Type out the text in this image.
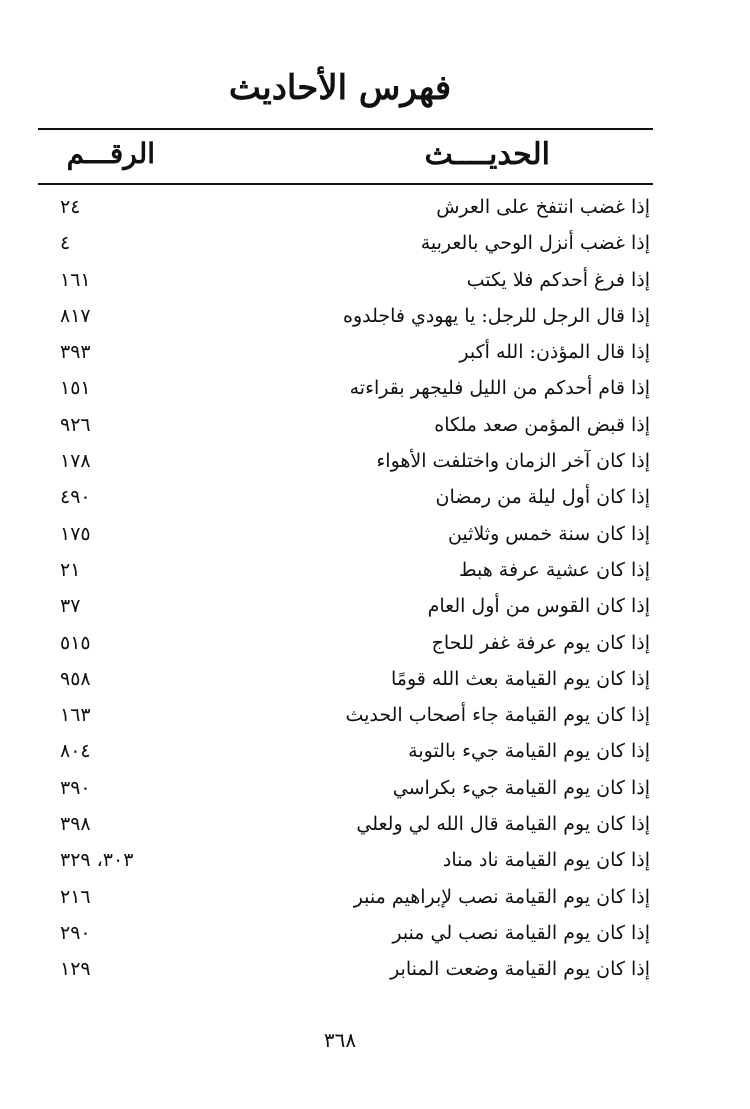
فهرس الأحاديث
الحديــــث
الرقـــم
إذا غضب انتفخ على العرش
٢٤
إذا غضب أنزل الوحي بالعربية
٤
إذا فرغ أحدكم فلا يكتب
١٦١
إذا قال الرجل للرجل: يا يهودي فاجلدوه
٨١٧
إذا قال المؤذن: الله أكبر
٣٩٣
إذا قام أحدكم من الليل فليجهر بقراءته
١٥١
إذا قبض المؤمن صعد ملكاه
٩٢٦
إذا كان آخر الزمان واختلفت الأهواء
١٧٨
إذا كان أول ليلة من رمضان
٤٩٠
إذا كان سنة خمس وثلاثين
١٧٥
إذا كان عشية عرفة هبط
٢١
إذا كان القوس من أول العام
٣٧
إذا كان يوم عرفة غفر للحاج
٥١٥
إذا كان يوم القيامة بعث الله قومًا
٩٥٨
إذا كان يوم القيامة جاء أصحاب الحديث
١٦٣
إذا كان يوم القيامة جيء بالتوبة
٨٠٤
إذا كان يوم القيامة جيء بكراسي
٣٩٠
إذا كان يوم القيامة قال الله لي ولعلي
٣٩٨
إذا كان يوم القيامة ناد مناد
٣٠٣، ٣٢٩
إذا كان يوم القيامة نصب لإبراهيم منبر
٢١٦
إذا كان يوم القيامة نصب لي منبر
٢٩٠
إذا كان يوم القيامة وضعت المنابر
١٢٩
٣٦٨
